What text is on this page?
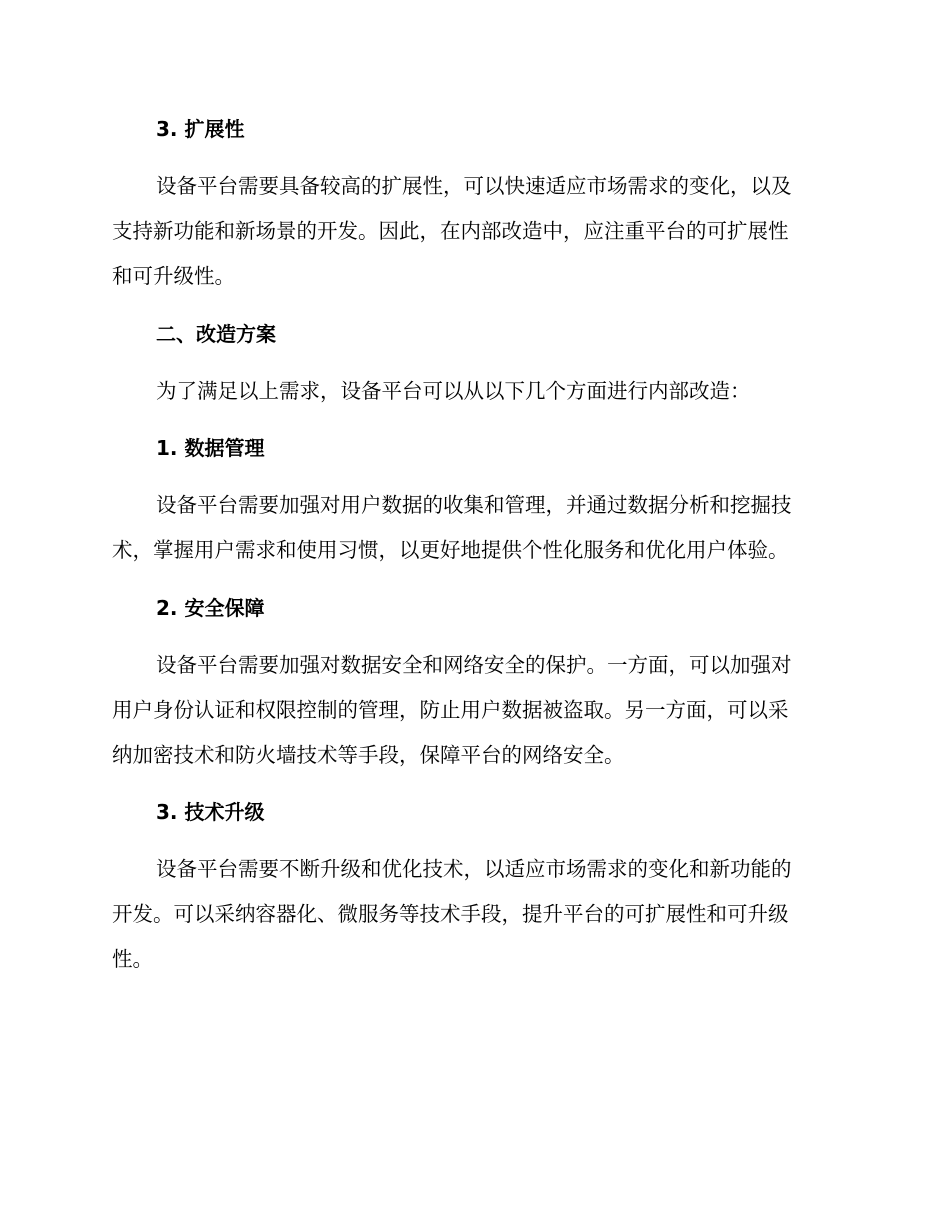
3. 扩展性
设备平台需要具备较高的扩展性，可以快速适应市场需求的变化，以及
支持新功能和新场景的开发。因此，在内部改造中，应注重平台的可扩展性
和可升级性。
二、改造方案
为了满足以上需求，设备平台可以从以下几个方面进行内部改造：
1. 数据管理
设备平台需要加强对用户数据的收集和管理，并通过数据分析和挖掘技
术，掌握用户需求和使用习惯，以更好地提供个性化服务和优化用户体验。
2. 安全保障
设备平台需要加强对数据安全和网络安全的保护。一方面，可以加强对
用户身份认证和权限控制的管理，防止用户数据被盗取。另一方面，可以采
纳加密技术和防火墙技术等手段，保障平台的网络安全。
3. 技术升级
设备平台需要不断升级和优化技术，以适应市场需求的变化和新功能的
开发。可以采纳容器化、微服务等技术手段，提升平台的可扩展性和可升级
性。
